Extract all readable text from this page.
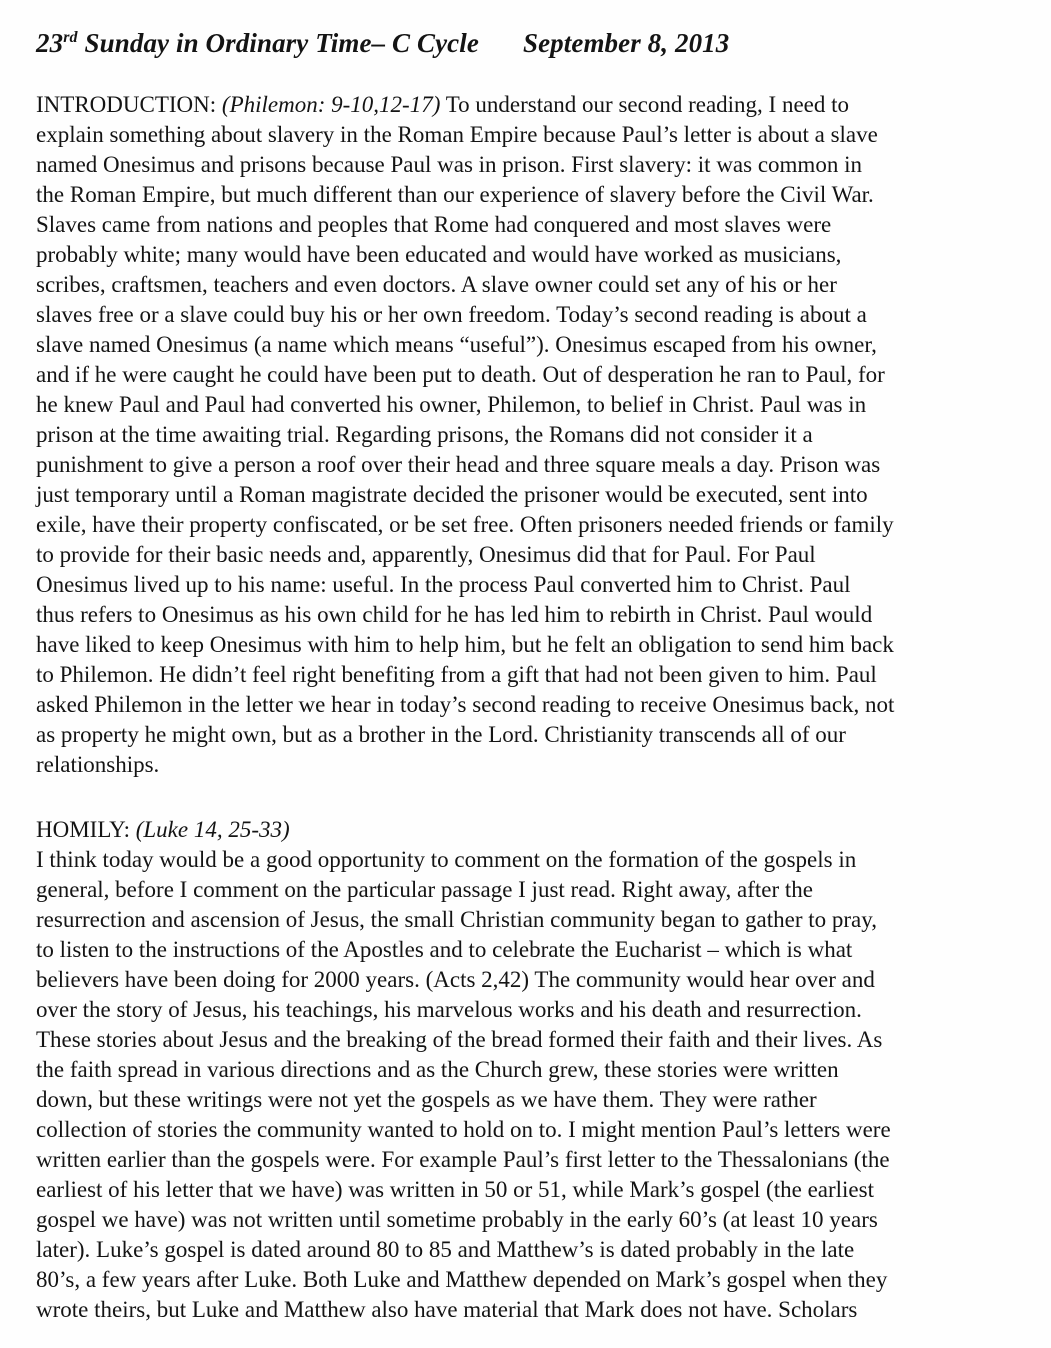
23rd Sunday in Ordinary Time– C Cycle September 8, 2013
INTRODUCTION: (Philemon: 9-10,12-17) To understand our second reading, I need to
explain something about slavery in the Roman Empire because Paul’s letter is about a slave
named Onesimus and prisons because Paul was in prison. First slavery: it was common in
the Roman Empire, but much different than our experience of slavery before the Civil War.
Slaves came from nations and peoples that Rome had conquered and most slaves were
probably white; many would have been educated and would have worked as musicians,
scribes, craftsmen, teachers and even doctors. A slave owner could set any of his or her
slaves free or a slave could buy his or her own freedom. Today’s second reading is about a
slave named Onesimus (a name which means “useful”). Onesimus escaped from his owner,
and if he were caught he could have been put to death. Out of desperation he ran to Paul, for
he knew Paul and Paul had converted his owner, Philemon, to belief in Christ. Paul was in
prison at the time awaiting trial. Regarding prisons, the Romans did not consider it a
punishment to give a person a roof over their head and three square meals a day. Prison was
just temporary until a Roman magistrate decided the prisoner would be executed, sent into
exile, have their property confiscated, or be set free. Often prisoners needed friends or family
to provide for their basic needs and, apparently, Onesimus did that for Paul. For Paul
Onesimus lived up to his name: useful. In the process Paul converted him to Christ. Paul
thus refers to Onesimus as his own child for he has led him to rebirth in Christ. Paul would
have liked to keep Onesimus with him to help him, but he felt an obligation to send him back
to Philemon. He didn’t feel right benefiting from a gift that had not been given to him. Paul
asked Philemon in the letter we hear in today’s second reading to receive Onesimus back, not
as property he might own, but as a brother in the Lord. Christianity transcends all of our
relationships.
HOMILY: (Luke 14, 25-33)
I think today would be a good opportunity to comment on the formation of the gospels in
general, before I comment on the particular passage I just read. Right away, after the
resurrection and ascension of Jesus, the small Christian community began to gather to pray,
to listen to the instructions of the Apostles and to celebrate the Eucharist – which is what
believers have been doing for 2000 years. (Acts 2,42) The community would hear over and
over the story of Jesus, his teachings, his marvelous works and his death and resurrection.
These stories about Jesus and the breaking of the bread formed their faith and their lives. As
the faith spread in various directions and as the Church grew, these stories were written
down, but these writings were not yet the gospels as we have them. They were rather
collection of stories the community wanted to hold on to. I might mention Paul’s letters were
written earlier than the gospels were. For example Paul’s first letter to the Thessalonians (the
earliest of his letter that we have) was written in 50 or 51, while Mark’s gospel (the earliest
gospel we have) was not written until sometime probably in the early 60’s (at least 10 years
later). Luke’s gospel is dated around 80 to 85 and Matthew’s is dated probably in the late
80’s, a few years after Luke. Both Luke and Matthew depended on Mark’s gospel when they
wrote theirs, but Luke and Matthew also have material that Mark does not have. Scholars
